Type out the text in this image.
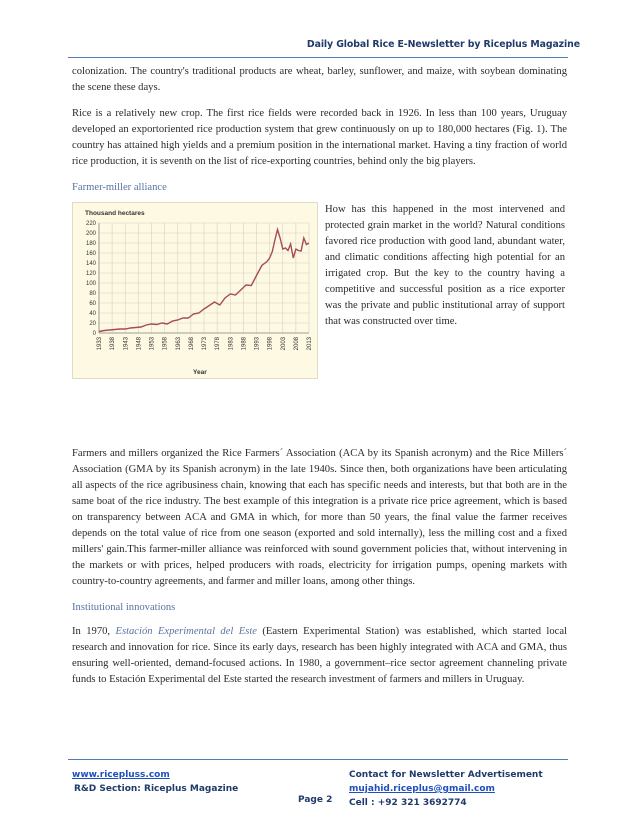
Daily Global Rice E-Newsletter by Riceplus Magazine

colonization. The country's traditional products are wheat, barley, sunflower, and maize, with soybean dominating the scene these days.

Rice is a relatively new crop. The first rice fields were recorded back in 1926. In less than 100 years, Uruguay developed an exportoriented rice production system that grew continuously on up to 180,000 hectares (Fig. 1). The country has attained high yields and a premium position in the international market. Having a tiny fraction of world rice production, it is seventh on the list of rice-exporting countries, behind only the big players.

Farmer-miller alliance
Thousand hectares
Year
0
20
40
60
80
100
120
140
160
180
200
220
1933 1938 1943 1948 1953 1958 1963 1968 1973 1978 1983 1988 1993 1998 2003 2008 2013
How has this happened in the most intervened and protected grain market in the world? Natural conditions favored rice production with good land, abundant water, and climatic conditions affecting high potential for an irrigated crop. But the key to the country having a competitive and successful position as a rice exporter was the private and public institutional array of support that was constructed over time.

Farmers and millers organized the Rice Farmers´ Association (ACA by its Spanish acronym) and the Rice Millers´ Association (GMA by its Spanish acronym) in the late 1940s. Since then, both organizations have been articulating all aspects of the rice agribusiness chain, knowing that each has specific needs and interests, but that both are in the same boat of the rice industry. The best example of this integration is a private rice price agreement, which is based on transparency between ACA and GMA in which, for more than 50 years, the final value the farmer receives depends on the total value of rice from one season (exported and sold internally), less the milling cost and a fixed millers' gain.This farmer-miller alliance was reinforced with sound government policies that, without intervening in the markets or with prices, helped producers with roads, electricity for irrigation pumps, opening markets with country-to-country agreements, and farmer and miller loans, among other things.

Institutional innovations

In 1970, Estación Experimental del Este (Eastern Experimental Station) was established, which started local research and innovation for rice. Since its early days, research has been highly integrated with ACA and GMA, thus ensuring well-oriented, demand-focused actions. In 1980, a government–rice sector agreement channeling private funds to Estación Experimental del Este started the research investment of farmers and millers in Uruguay.

www.ricepluss.com
R&D Section: Riceplus Magazine
Page 2
Contact for Newsletter Advertisement
mujahid.riceplus@gmail.com
Cell : +92 321 3692774
